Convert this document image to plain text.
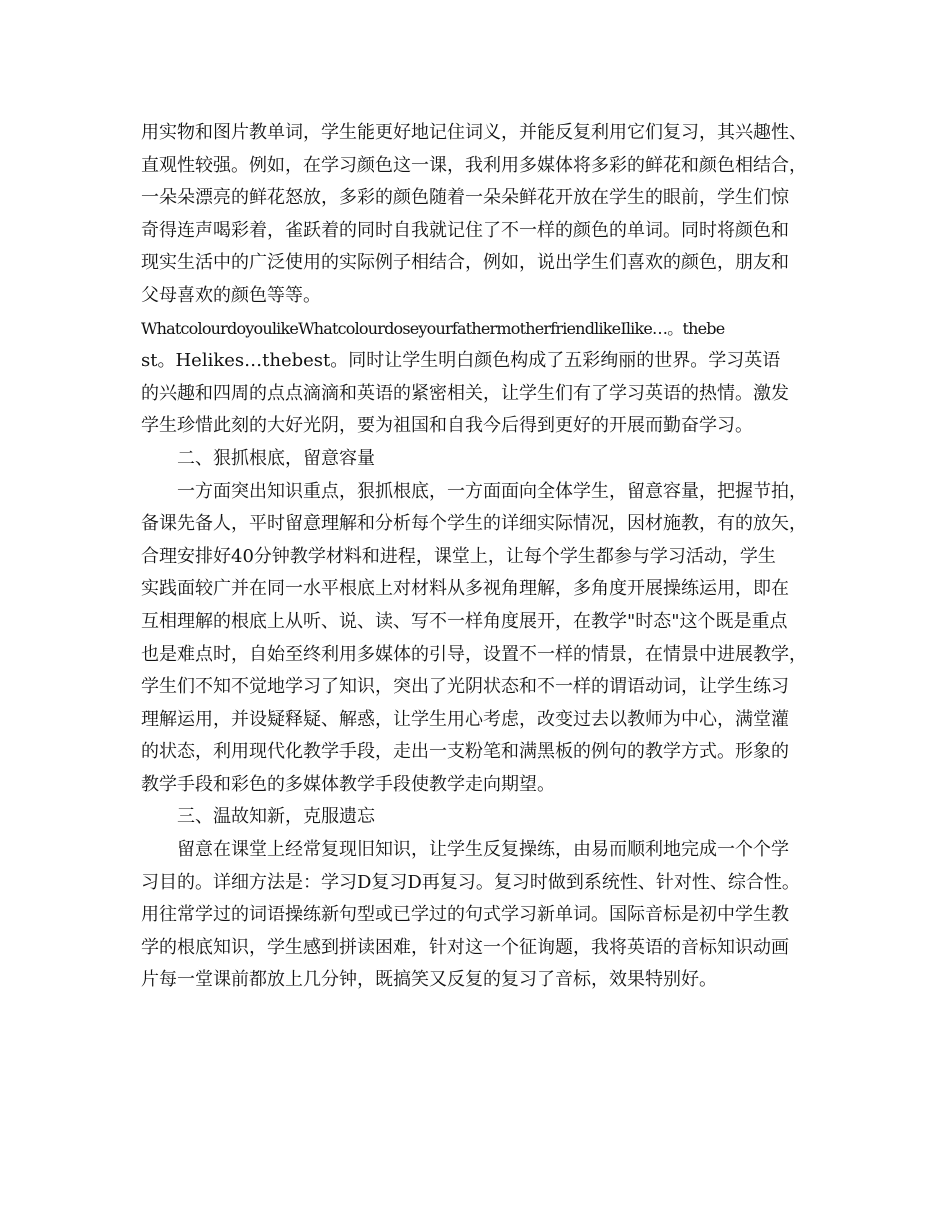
用实物和图片教单词，学生能更好地记住词义，并能反复利用它们复习，其兴趣性、
直观性较强。例如，在学习颜色这一课，我利用多媒体将多彩的鲜花和颜色相结合，
一朵朵漂亮的鲜花怒放，多彩的颜色随着一朵朵鲜花开放在学生的眼前，学生们惊
奇得连声喝彩着，雀跃着的同时自我就记住了不一样的颜色的单词。同时将颜色和
现实生活中的广泛使用的实际例子相结合，例如，说出学生们喜欢的颜色，朋友和
父母喜欢的颜色等等。
WhatcolourdoyoulikeWhatcolourdoseyourfathermotherfriendlikeIlike…。thebe
st。Helikes…thebest。同时让学生明白颜色构成了五彩绚丽的世界。学习英语
的兴趣和四周的点点滴滴和英语的紧密相关，让学生们有了学习英语的热情。激发
学生珍惜此刻的大好光阴，要为祖国和自我今后得到更好的开展而勤奋学习。
二、狠抓根底，留意容量
一方面突出知识重点，狠抓根底，一方面面向全体学生，留意容量，把握节拍，
备课先备人，平时留意理解和分析每个学生的详细实际情况，因材施教，有的放矢，
合理安排好40分钟教学材料和进程，课堂上，让每个学生都参与学习活动，学生
实践面较广并在同一水平根底上对材料从多视角理解，多角度开展操练运用，即在
互相理解的根底上从听、说、读、写不一样角度展开，在教学"时态"这个既是重点
也是难点时，自始至终利用多媒体的引导，设置不一样的情景，在情景中进展教学，
学生们不知不觉地学习了知识，突出了光阴状态和不一样的谓语动词，让学生练习
理解运用，并设疑释疑、解惑，让学生用心考虑，改变过去以教师为中心，满堂灌
的状态，利用现代化教学手段，走出一支粉笔和满黑板的例句的教学方式。形象的
教学手段和彩色的多媒体教学手段使教学走向期望。
三、温故知新，克服遗忘
留意在课堂上经常复现旧知识，让学生反复操练，由易而顺利地完成一个个学
习目的。详细方法是：学习D复习D再复习。复习时做到系统性、针对性、综合性。
用往常学过的词语操练新句型或已学过的句式学习新单词。国际音标是初中学生教
学的根底知识，学生感到拼读困难，针对这一个征询题，我将英语的音标知识动画
片每一堂课前都放上几分钟，既搞笑又反复的复习了音标，效果特别好。
